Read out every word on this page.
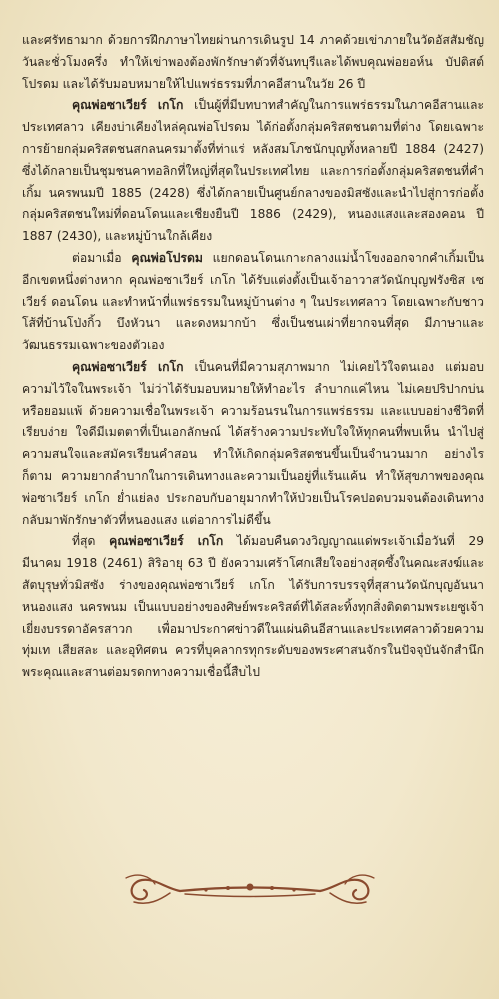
และศรัทธามาก ด้วยการฝึกภาษาไทยผ่านการเดินรูป 14 ภาคด้วยเข่าภายในวัดอัสสัมชัญวันละชั่วโมงครึ่ง ทำให้เข่าพองต้องพักรักษาตัวที่จันทบุรีและได้พบคุณพ่อยอห์น บัปติสต์ โปรดม และได้รับมอบหมายให้ไปแพร่ธรรมที่ภาคอีสานในวัย 26 ปี

คุณพ่อซาเวียร์ เกโก เป็นผู้ที่มีบทบาทสำคัญในการแพร่ธรรมในภาคอีสานและประเทศลาว เคียงบ่าเคียงไหล่คุณพ่อโปรดม ได้ก่อตั้งกลุ่มคริสตชนตามที่ต่าง โดยเฉพาะการย้ายกลุ่มคริสตชนสกลนครมาตั้งที่ท่าแร่ หลังสมโภชนักบุญทั้งหลายปี 1884 (2427) ซึ่งได้กลายเป็นชุมชนคาทอลิกที่ใหญ่ที่สุดในประเทศไทย และการก่อตั้งกลุ่มคริสตชนที่คำเกิ้ม นครพนมปี 1885 (2428) ซึ่งได้กลายเป็นศูนย์กลางของมิสซังและนำไปสู่การก่อตั้งกลุ่มคริสตชนใหม่ที่ดอนโดนและเชียงยืนปี 1886 (2429), หนองแสงและสองคอน ปี 1887 (2430), และหมู่บ้านใกล้เคียง

ต่อมาเมื่อ คุณพ่อโปรดม แยกดอนโดนเกาะกลางแม่น้ำโขงออกจากคำเกิ้มเป็นอีกเขตหนึ่งต่างหาก คุณพ่อซาเวียร์ เกโก ได้รับแต่งตั้งเป็นเจ้าอาวาสวัดนักบุญฟรังซิส เซเวียร์ ดอนโดน และทำหน้าที่แพร่ธรรมในหมู่บ้านต่าง ๆ ในประเทศลาว โดยเฉพาะกับชาวโส้ที่บ้านโป่งกิ้ว บึงหัวนา และดงหมากบ้า ซึ่งเป็นชนเผ่าที่ยากจนที่สุด มีภาษาและวัฒนธรรมเฉพาะของตัวเอง

คุณพ่อซาเวียร์ เกโก เป็นคนที่มีความสุภาพมาก ไม่เคยไว้ใจตนเอง แต่มอบความไว้ใจในพระเจ้า ไม่ว่าได้รับมอบหมายให้ทำอะไร ลำบากแค่ไหน ไม่เคยปริปากบ่นหรือยอมแพ้ ด้วยความเชื่อในพระเจ้า ความร้อนรนในการแพร่ธรรม และแบบอย่างชีวิตที่เรียบง่าย ใจดีมีเมตตาที่เป็นเอกลักษณ์ ได้สร้างความประทับใจให้ทุกคนที่พบเห็น นำไปสู่ความสนใจและสมัครเรียนคำสอน ทำให้เกิดกลุ่มคริสตชนขึ้นเป็นจำนวนมาก อย่างไรก็ตาม ความยากลำบากในการเดินทางและความเป็นอยู่ที่แร้นแค้น ทำให้สุขภาพของคุณพ่อซาเวียร์ เกโก ย่ำแย่ลง ประกอบกับอายุมากทำให้ป่วยเป็นโรคปอดบวมจนต้องเดินทางกลับมาพักรักษาตัวที่หนองแสง แต่อาการไม่ดีขึ้น

ที่สุด คุณพ่อซาเวียร์ เกโก ได้มอบคืนดวงวิญญาณแด่พระเจ้าเมื่อวันที่ 29 มีนาคม 1918 (2461) สิริอายุ 63 ปี ยังความเศร้าโศกเสียใจอย่างสุดซึ้งในคณะสงฆ์และสัตบุรุษทั่วมิสซัง ร่างของคุณพ่อซาเวียร์ เกโก ได้รับการบรรจุที่สุสานวัดนักบุญอันนา หนองแสง นครพนม เป็นแบบอย่างของศิษย์พระคริสต์ที่ได้สละทิ้งทุกสิ่งติดตามพระเยซูเจ้าเยี่ยงบรรดาอัครสาวก เพื่อมาประกาศข่าวดีในแผ่นดินอีสานและประเทศลาวด้วยความทุ่มเท เสียสละ และอุทิศตน ควรที่บุคลากรทุกระดับของพระศาสนจักรในปัจจุบันจักสำนึกพระคุณและสานต่อมรดกทางความเชื่อนี้สืบไป
